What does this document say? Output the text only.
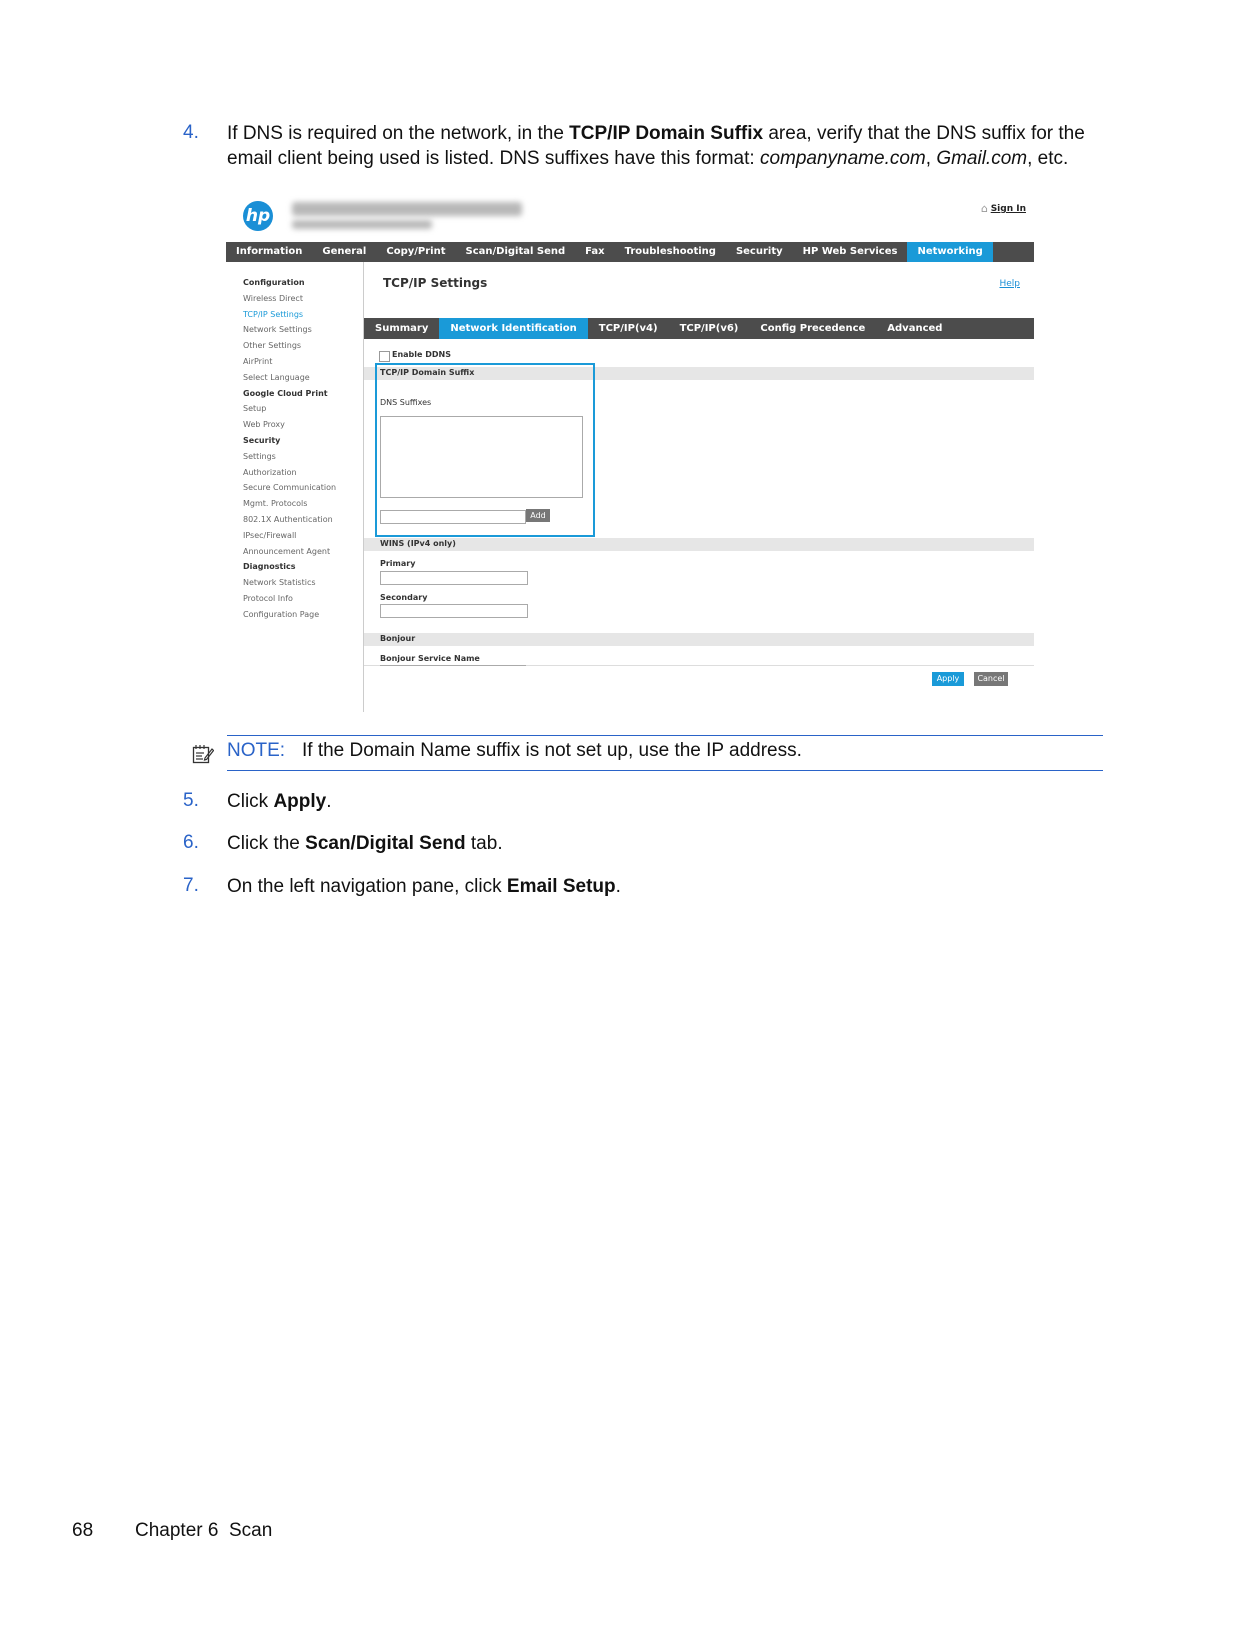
4. If DNS is required on the network, in the TCP/IP Domain Suffix area, verify that the DNS suffix for the email client being used is listed. DNS suffixes have this format: companyname.com, Gmail.com, etc.
hp	⌂ Sign In
Information	General	Copy/Print	Scan/Digital Send	Fax	Troubleshooting	Security	HP Web Services	Networking
Configuration
Wireless Direct
TCP/IP Settings
Network Settings
Other Settings
AirPrint
Select Language
Google Cloud Print
Setup
Web Proxy
Security
Settings
Authorization
Secure Communication
Mgmt. Protocols
802.1X Authentication
IPsec/Firewall
Announcement Agent
Diagnostics
Network Statistics
Protocol Info
Configuration Page
TCP/IP Settings	Help
Summary	Network Identification	TCP/IP(v4)	TCP/IP(v6)	Config Precedence	Advanced
Enable DDNS
TCP/IP Domain Suffix
DNS Suffixes
Add
WINS (IPv4 only)
Primary
Secondary
Bonjour
Bonjour Service Name
Apply	Cancel
NOTE: If the Domain Name suffix is not set up, use the IP address.
5. Click Apply.
6. Click the Scan/Digital Send tab.
7. On the left navigation pane, click Email Setup.
68 Chapter 6  Scan
